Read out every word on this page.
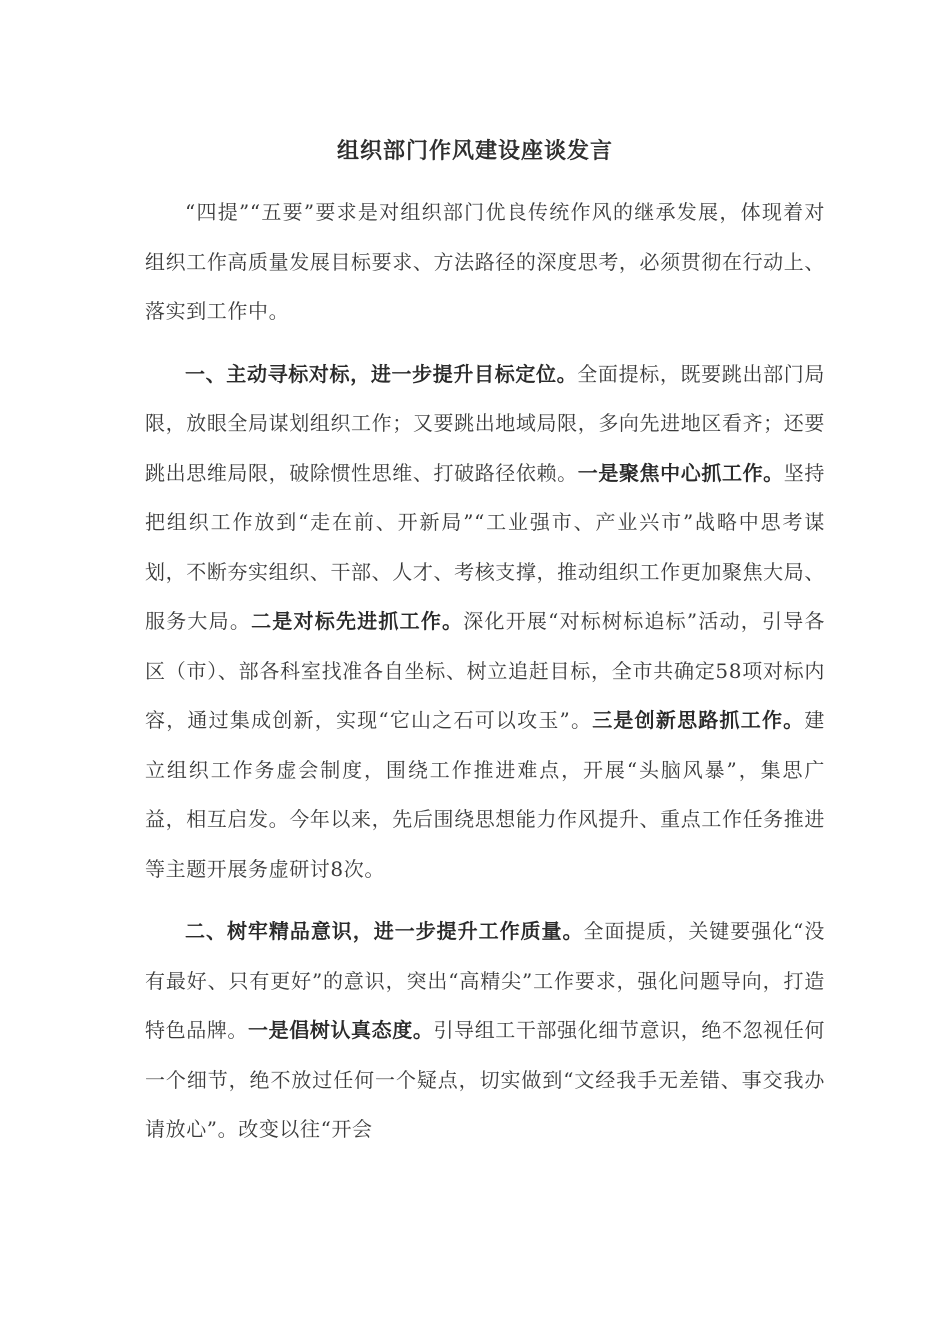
组织部门作风建设座谈发言

“四提”“五要”要求是对组织部门优良传统作风的继承发展，体现着对组织工作高质量发展目标要求、方法路径的深度思考，必须贯彻在行动上、落实到工作中。

一、主动寻标对标，进一步提升目标定位。全面提标，既要跳出部门局限，放眼全局谋划组织工作；又要跳出地域局限，多向先进地区看齐；还要跳出思维局限，破除惯性思维、打破路径依赖。一是聚焦中心抓工作。坚持把组织工作放到“走在前、开新局”“工业强市、产业兴市”战略中思考谋划，不断夯实组织、干部、人才、考核支撑，推动组织工作更加聚焦大局、服务大局。二是对标先进抓工作。深化开展“对标树标追标”活动，引导各区（市）、部各科室找准各自坐标、树立追赶目标，全市共确定58项对标内容，通过集成创新，实现“它山之石可以攻玉”。三是创新思路抓工作。建立组织工作务虚会制度，围绕工作推进难点，开展“头脑风暴”，集思广益，相互启发。今年以来，先后围绕思想能力作风提升、重点工作任务推进等主题开展务虚研讨8次。

二、树牢精品意识，进一步提升工作质量。全面提质，关键要强化“没有最好、只有更好”的意识，突出“高精尖”工作要求，强化问题导向，打造特色品牌。一是倡树认真态度。引导组工干部强化细节意识，绝不忽视任何一个细节，绝不放过任何一个疑点，切实做到“文经我手无差错、事交我办请放心”。改变以往“开会
